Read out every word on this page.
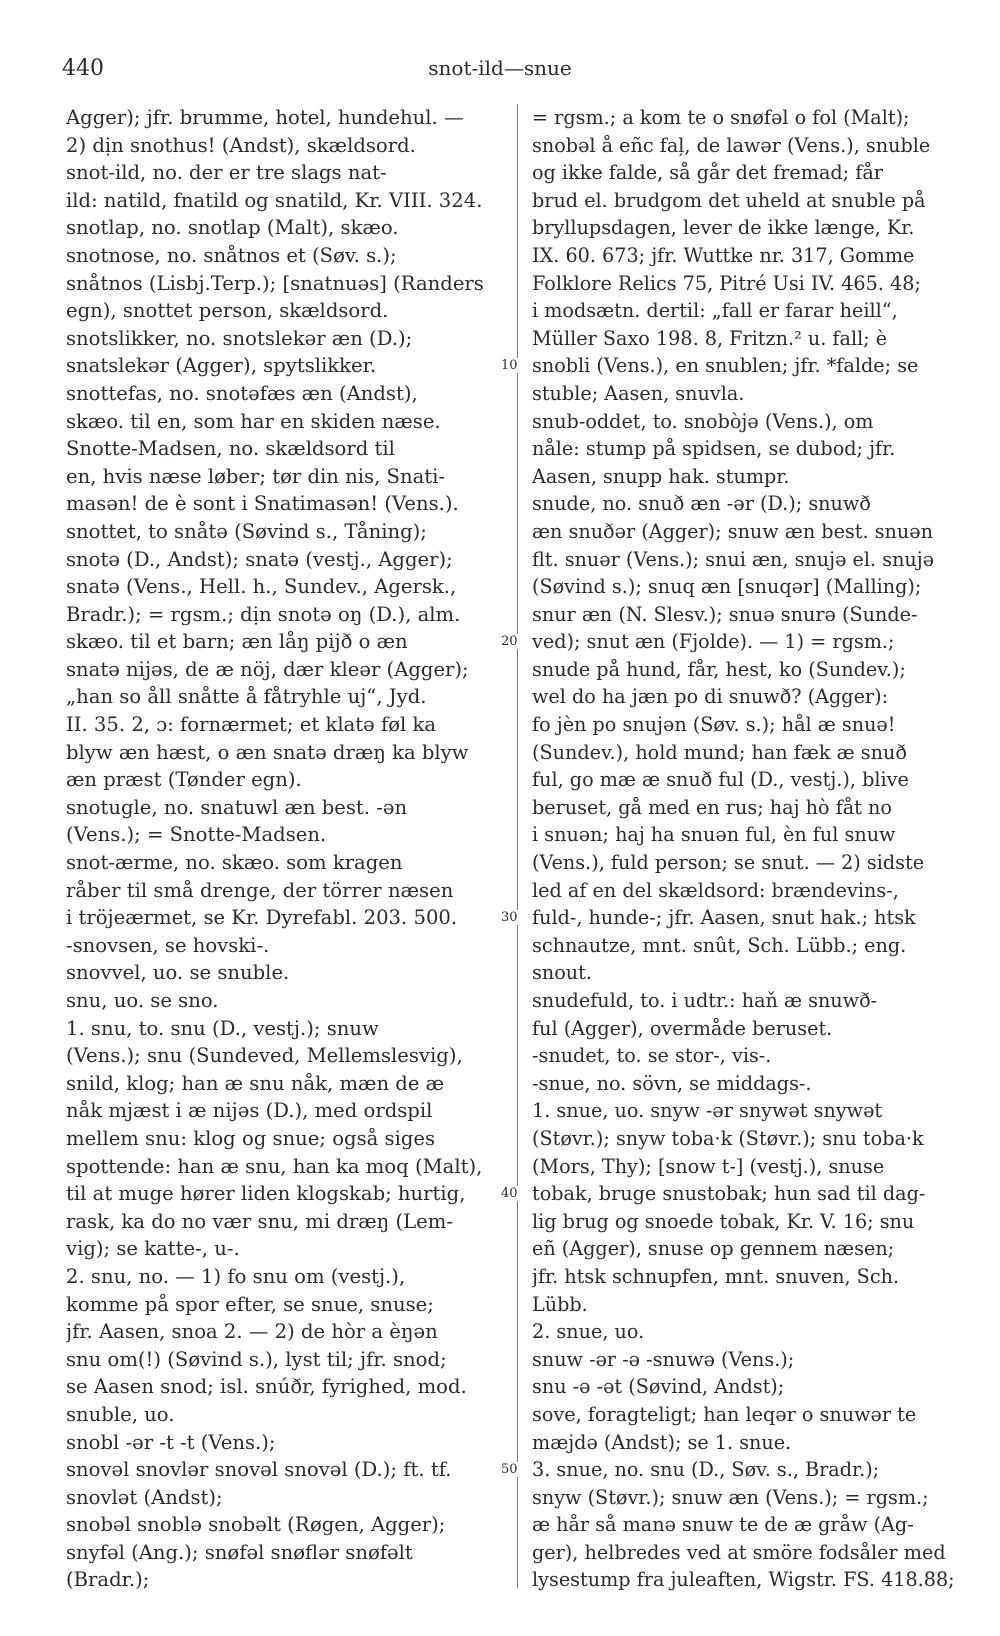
440	snot-ild—snue
Agger); jfr. brumme, hotel, hundehul. —
2) dịn snothus! (Andst), skældsord.
snot-ild, no. der er tre slags nat-
ild: natild, fnatild og snatild, Kr. VIII. 324.
snotlap, no. snotlap (Malt), skæo.
snotnose, no. snåtnos et (Søv. s.);
snåtnos (Lisbj.Terp.); [snatnuəs] (Randers
egn), snottet person, skældsord.
snotslikker, no. snotslekər æn (D.);
snatslekər (Agger), spytslikker.
snottefas, no. snotəfæs æn (Andst),
skæo. til en, som har en skiden næse.
Snotte-Madsen, no. skældsord til
en, hvis næse løber; tør din nis, Snati-
masən! de è sont i Snatimasən! (Vens.).
snottet, to snåtə (Søvind s., Tåning);
snotə (D., Andst); snatə (vestj., Agger);
snatə (Vens., Hell. h., Sundev., Agersk.,
Bradr.); = rgsm.; dịn snotə oŋ (D.), alm.
skæo. til et barn; æn låŋ pijð o æn
snatə nijəs, de æ nöj, dær kleər (Agger);
„han so åll snåtte å fåtryhle uj“, Jyd.
II. 35. 2, ɔ: fornærmet; et klatə føl ka
blyw æn hæst, o æn snatə dræŋ ka blyw
æn præst (Tønder egn).
snotugle, no. snatuwl æn best. -ən
(Vens.); = Snotte-Madsen.
snot-ærme, no. skæo. som kragen
råber til små drenge, der törrer næsen
i tröjeærmet, se Kr. Dyrefabl. 203. 500.
-snovsen, se hovski-.
snovvel, uo. se snuble.
snu, uo. se sno.
1. snu, to. snu (D., vestj.); snuw
(Vens.); snu (Sundeved, Mellemslesvig),
snild, klog; han æ snu nåk, mæn de æ
nåk mjæst i æ nijəs (D.), med ordspil
mellem snu: klog og snue; også siges
spottende: han æ snu, han ka moq (Malt),
til at muge hører liden klogskab; hurtig,
rask, ka do no vær snu, mi dræŋ (Lem-
vig); se katte-, u-.
2. snu, no. — 1) fo snu om (vestj.),
komme på spor efter, se snue, snuse;
jfr. Aasen, snoa 2. — 2) de hòr a èŋən
snu om(!) (Søvind s.), lyst til; jfr. snod;
se Aasen snod; isl. snúðr, fyrighed, mod.
snuble, uo.
snobl -ər -t -t (Vens.);
snovəl snovlər snovəl snovəl (D.); ft. tf.
snovlət (Andst);
snobəl snoblə snobəlt (Røgen, Agger);
snyfəl (Ang.); snøfəl snøflər snøfəlt
(Bradr.);
= rgsm.; a kom te o snøfəl o fol (Malt);
snobəl å eñc faļ, de lawər (Vens.), snuble
og ikke falde, så går det fremad; får
brud el. brudgom det uheld at snuble på
bryllupsdagen, lever de ikke længe, Kr.
IX. 60. 673; jfr. Wuttke nr. 317, Gomme
Folklore Relics 75, Pitré Usi IV. 465. 48;
i modsætn. dertil: „fall er farar heill“,
Müller Saxo 198. 8, Fritzn.² u. fall; è
snobli (Vens.), en snublen; jfr. *falde; se
stuble; Aasen, snuvla.
snub-oddet, to. snobòjə (Vens.), om
nåle: stump på spidsen, se dubod; jfr.
Aasen, snupp hak. stumpr.
snude, no. snuð æn -ər (D.); snuwð
æn snuðər (Agger); snuw æn best. snuən
flt. snuər (Vens.); snui æn, snujə el. snujə
(Søvind s.); snuq æn [snuqər] (Malling);
snur æn (N. Slesv.); snuə snurə (Sunde-
ved); snut æn (Fjolde). — 1) = rgsm.;
snude på hund, får, hest, ko (Sundev.);
wel do ha jæn po di snuwð? (Agger):
fo jèn po snujən (Søv. s.); hål æ snuə!
(Sundev.), hold mund; han fæk æ snuð
ful, go mæ æ snuð ful (D., vestj.), blive
beruset, gå med en rus; haj hò fåt no
i snuən; haj ha snuən ful, èn ful snuw
(Vens.), fuld person; se snut. — 2) sidste
led af en del skældsord: brændevins-,
fuld-, hunde-; jfr. Aasen, snut hak.; htsk
schnautze, mnt. snût, Sch. Lübb.; eng.
snout.
snudefuld, to. i udtr.: haň æ snuwð-
ful (Agger), overmåde beruset.
-snudet, to. se stor-, vis-.
-snue, no. sövn, se middags-.
1. snue, uo. snyw -ər snywət snywət
(Støvr.); snyw toba·k (Støvr.); snu toba·k
(Mors, Thy); [snow t-] (vestj.), snuse
tobak, bruge snustobak; hun sad til dag-
lig brug og snoede tobak, Kr. V. 16; snu
eñ (Agger), snuse op gennem næsen;
jfr. htsk schnupfen, mnt. snuven, Sch.
Lübb.
2. snue, uo.
snuw -ər -ə -snuwə (Vens.);
snu -ə -ət (Søvind, Andst);
sove, foragteligt; han leqər o snuwər te
mæjdə (Andst); se 1. snue.
3. snue, no. snu (D., Søv. s., Bradr.);
snyw (Støvr.); snuw æn (Vens.); = rgsm.;
æ hår så manə snuw te de æ gråw (Ag-
ger), helbredes ved at smöre fodsåler med
lysestump fra juleaften, Wigstr. FS. 418.88;
10
20
30
40
50
